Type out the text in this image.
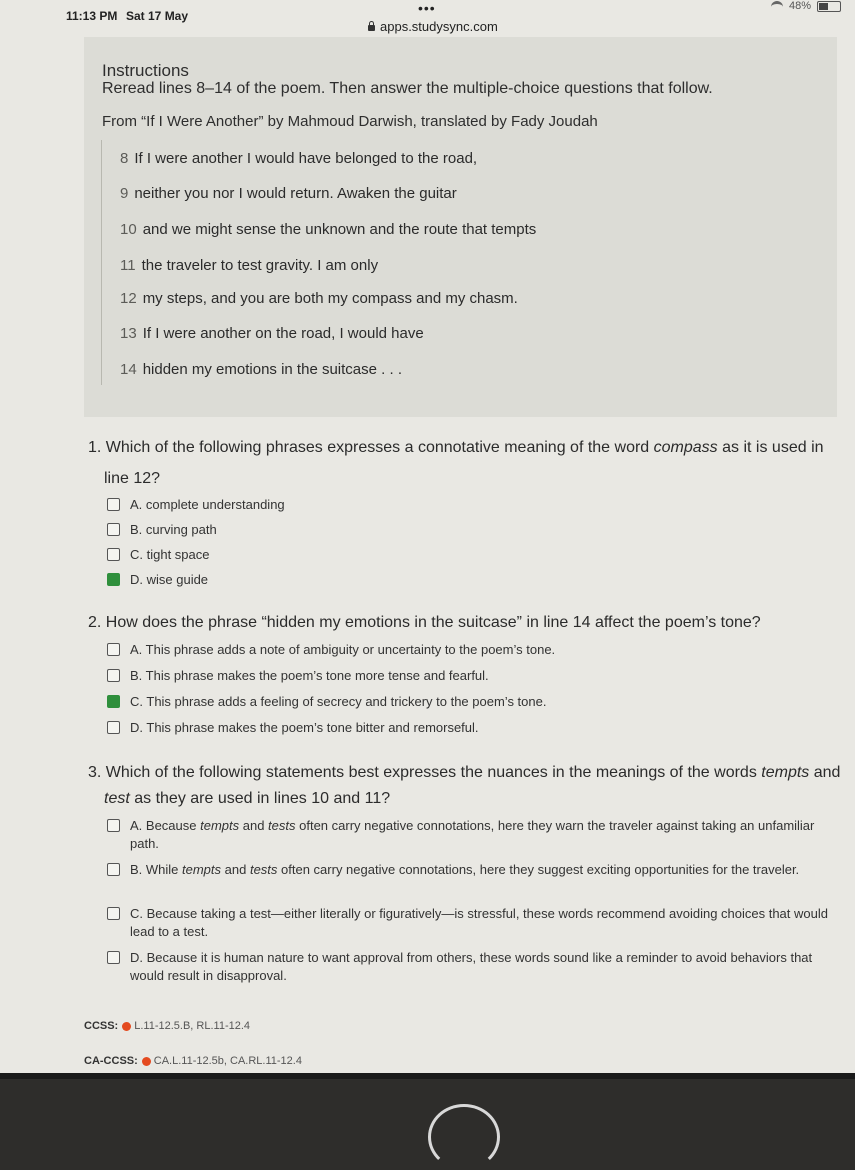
11:13 PM Sat 17 May	•••	48%
apps.studysync.com
Instructions
Reread lines 8–14 of the poem. Then answer the multiple-choice questions that follow.
From “If I Were Another” by Mahmoud Darwish, translated by Fady Joudah
8 If I were another I would have belonged to the road,
9 neither you nor I would return. Awaken the guitar
10 and we might sense the unknown and the route that tempts
11 the traveler to test gravity. I am only
12 my steps, and you are both my compass and my chasm.
13 If I were another on the road, I would have
14 hidden my emotions in the suitcase . . .
1. Which of the following phrases expresses a connotative meaning of the word compass as it is used in
line 12?
A. complete understanding
B. curving path
C. tight space
D. wise guide
2. How does the phrase “hidden my emotions in the suitcase” in line 14 affect the poem’s tone?
A. This phrase adds a note of ambiguity or uncertainty to the poem’s tone.
B. This phrase makes the poem’s tone more tense and fearful.
C. This phrase adds a feeling of secrecy and trickery to the poem’s tone.
D. This phrase makes the poem’s tone bitter and remorseful.
3. Which of the following statements best expresses the nuances in the meanings of the words tempts and
test as they are used in lines 10 and 11?
A. Because tempts and tests often carry negative connotations, here they warn the traveler against taking an unfamiliar path.
B. While tempts and tests often carry negative connotations, here they suggest exciting opportunities for the traveler.
C. Because taking a test—either literally or figuratively—is stressful, these words recommend avoiding choices that would lead to a test.
D. Because it is human nature to want approval from others, these words sound like a reminder to avoid behaviors that would result in disapproval.
CCSS: L.11-12.5.B, RL.11-12.4
CA-CCSS: CA.L.11-12.5b, CA.RL.11-12.4
